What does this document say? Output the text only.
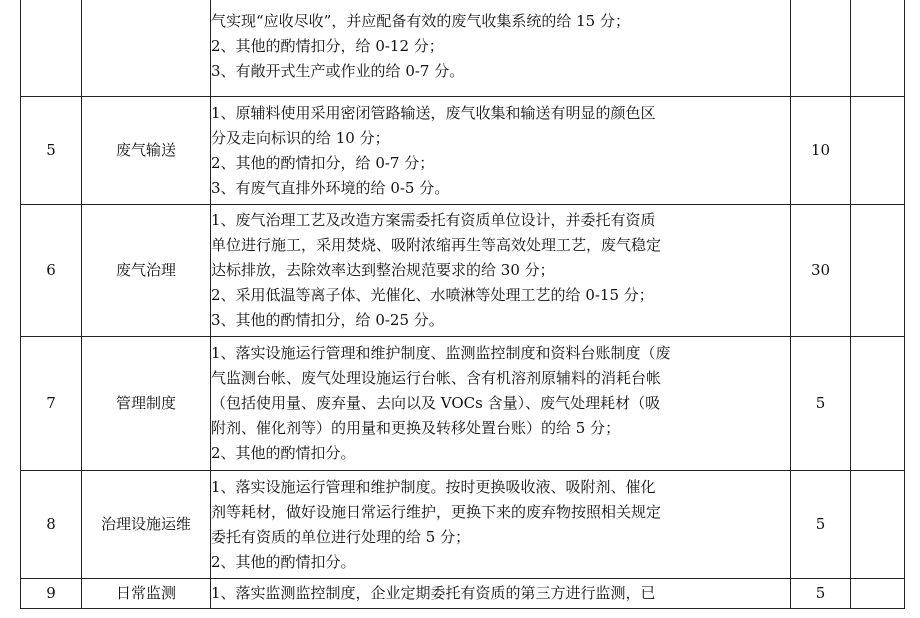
		气实现“应收尽收”，并应配备有效的废气收集系统的给 15 分；
2、其他的酌情扣分，给 0-12 分；
3、有敞开式生产或作业的给 0-7 分。		

5	废气输送	1、原辅料使用采用密闭管路输送，废气收集和输送有明显的颜色区
分及走向标识的给 10 分；
2、其他的酌情扣分，给 0-7 分；
3、有废气直排外环境的给 0-5 分。	10	
6	废气治理	1、废气治理工艺及改造方案需委托有资质单位设计，并委托有资质
单位进行施工，采用焚烧、吸附浓缩再生等高效处理工艺，废气稳定
达标排放，去除效率达到整治规范要求的给 30 分；
2、采用低温等离子体、光催化、水喷淋等处理工艺的给 0-15 分；
3、其他的酌情扣分，给 0-25 分。	30	
7	管理制度	1、落实设施运行管理和维护制度、监测监控制度和资料台账制度（废
气监测台帐、废气处理设施运行台帐、含有机溶剂原辅料的消耗台帐
（包括使用量、废弃量、去向以及 VOCs 含量）、废气处理耗材（吸
附剂、催化剂等）的用量和更换及转移处置台账）的给 5 分；
2、其他的酌情扣分。	5	
8	治理设施运维	1、落实设施运行管理和维护制度。按时更换吸收液、吸附剂、催化
剂等耗材，做好设施日常运行维护，更换下来的废弃物按照相关规定
委托有资质的单位进行处理的给 5 分；
2、其他的酌情扣分。	5	
9	日常监测	1、落实监测监控制度，企业定期委托有资质的第三方进行监测，已	5	
